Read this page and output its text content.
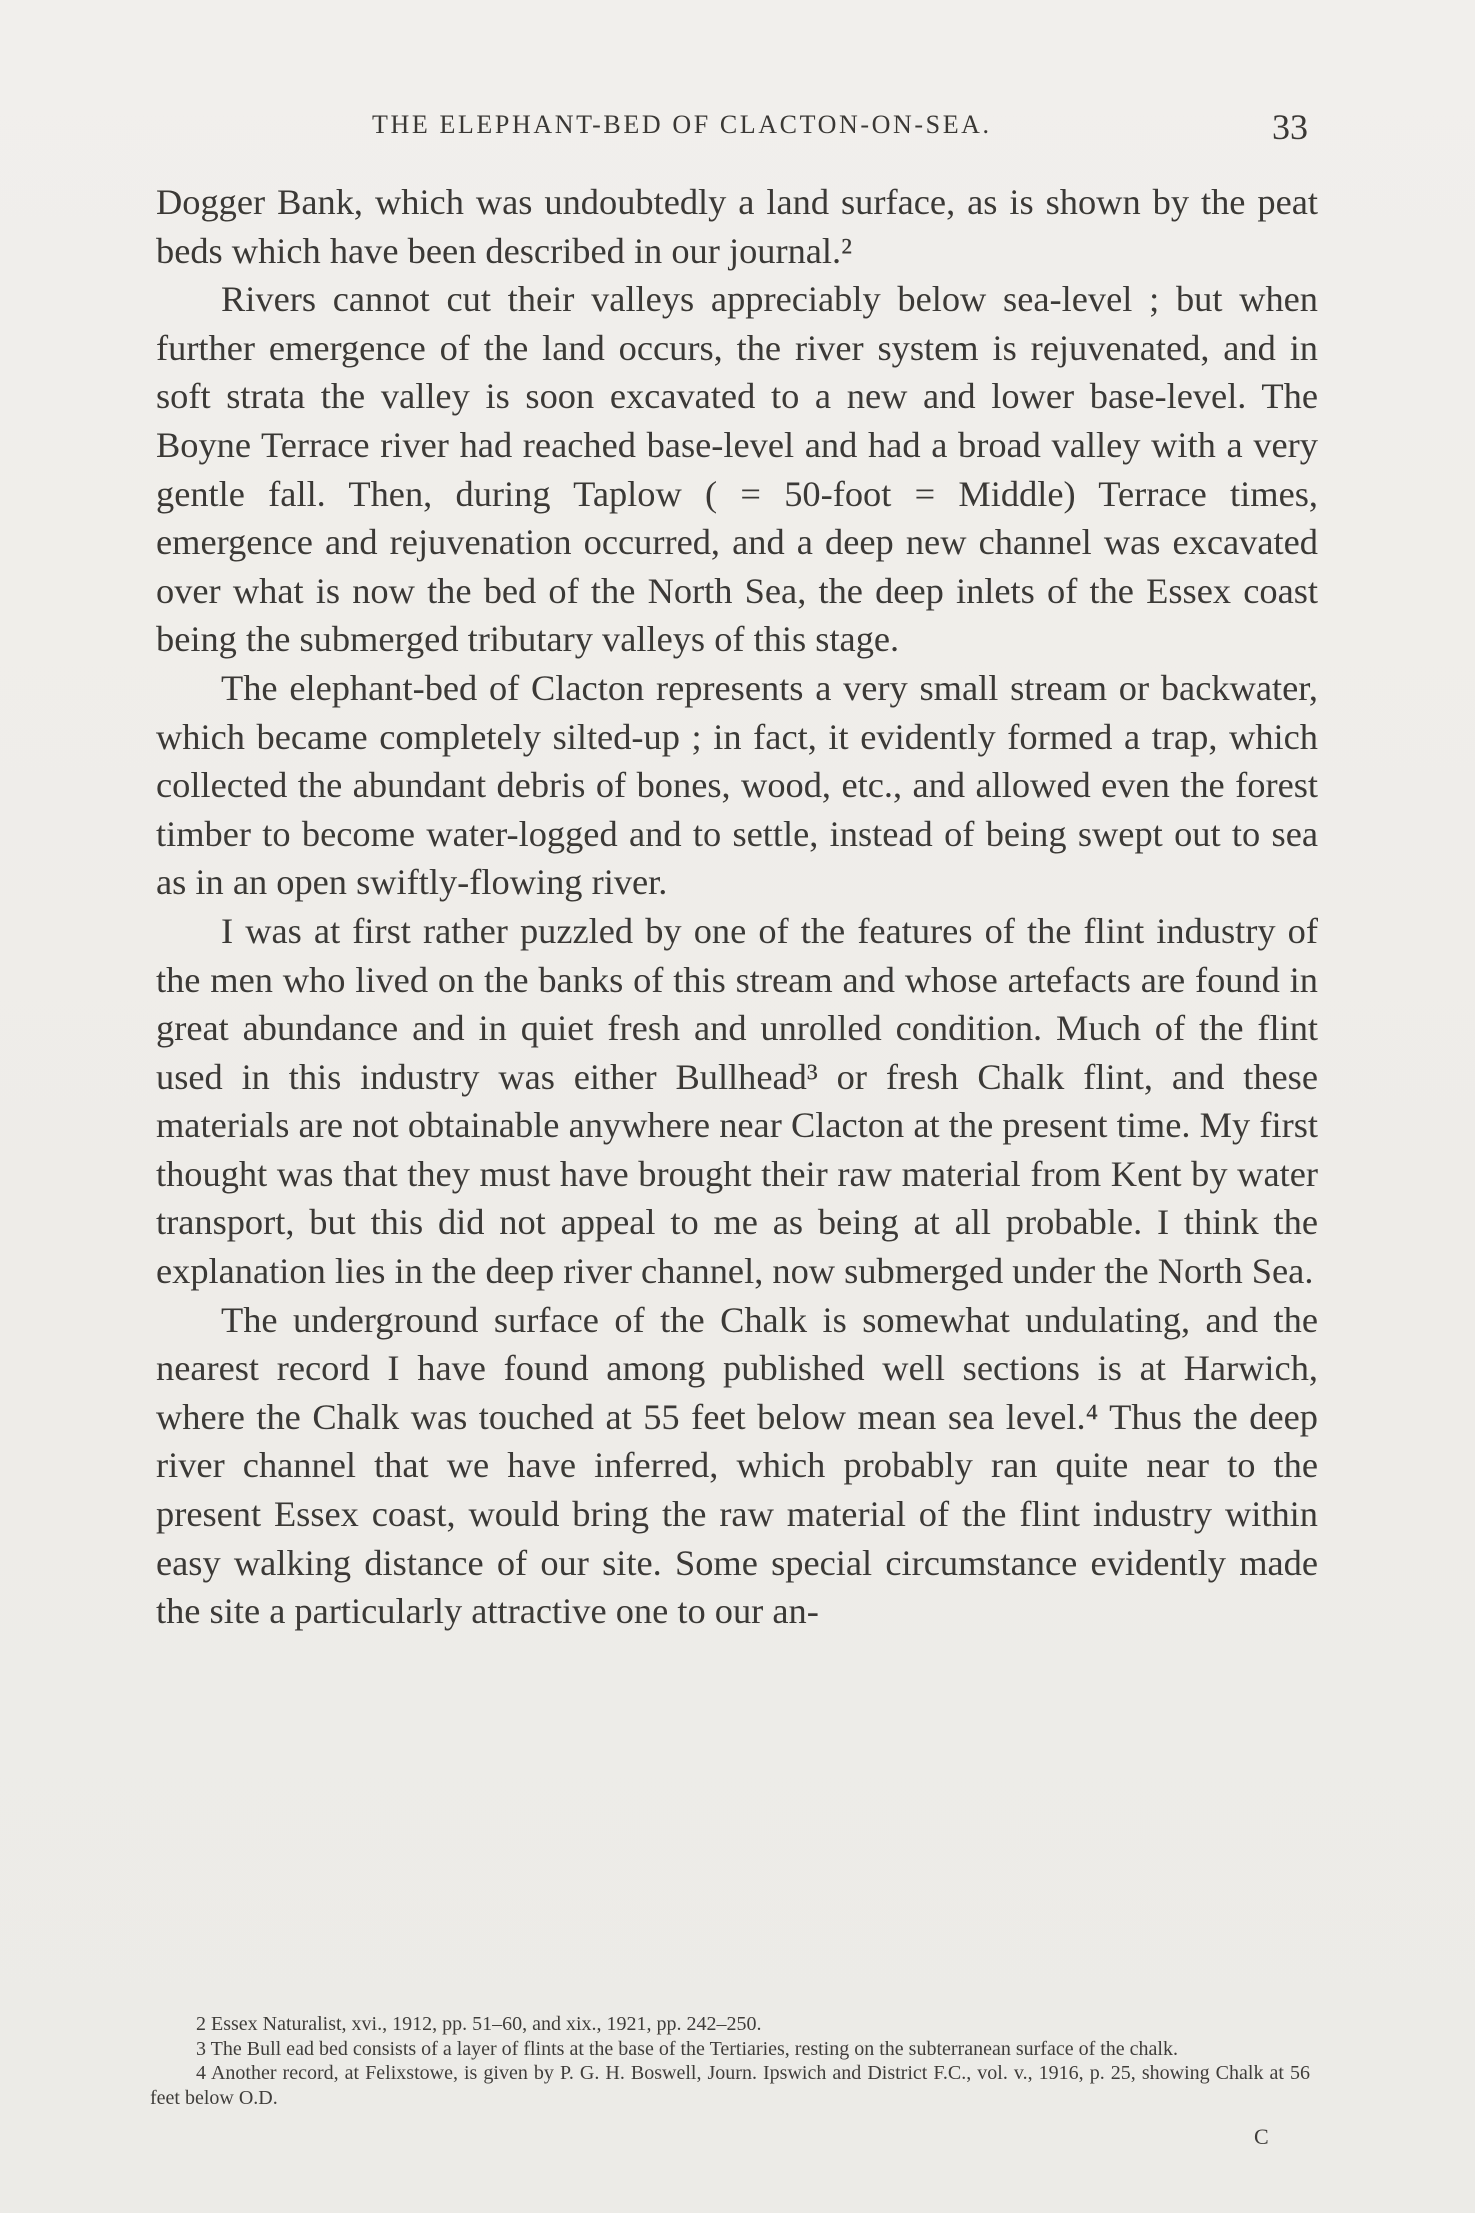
THE ELEPHANT-BED OF CLACTON-ON-SEA.	33

Dogger Bank, which was undoubtedly a land surface, as is shown by the peat beds which have been described in our journal.²

Rivers cannot cut their valleys appreciably below sea-level ; but when further emergence of the land occurs, the river system is rejuvenated, and in soft strata the valley is soon excavated to a new and lower base-level. The Boyne Terrace river had reached base-level and had a broad valley with a very gentle fall. Then, during Taplow ( = 50-foot = Middle) Terrace times, emergence and rejuvenation occurred, and a deep new channel was excavated over what is now the bed of the North Sea, the deep inlets of the Essex coast being the submerged tributary valleys of this stage.

The elephant-bed of Clacton represents a very small stream or backwater, which became completely silted-up ; in fact, it evidently formed a trap, which collected the abundant debris of bones, wood, etc., and allowed even the forest timber to become water-logged and to settle, instead of being swept out to sea as in an open swiftly-flowing river.

I was at first rather puzzled by one of the features of the flint industry of the men who lived on the banks of this stream and whose artefacts are found in great abundance and in quiet fresh and unrolled condition. Much of the flint used in this industry was either Bullhead³ or fresh Chalk flint, and these materials are not obtainable anywhere near Clacton at the present time. My first thought was that they must have brought their raw material from Kent by water transport, but this did not appeal to me as being at all probable. I think the explanation lies in the deep river channel, now submerged under the North Sea.

The underground surface of the Chalk is somewhat undulating, and the nearest record I have found among published well sections is at Harwich, where the Chalk was touched at 55 feet below mean sea level.⁴ Thus the deep river channel that we have inferred, which probably ran quite near to the present Essex coast, would bring the raw material of the flint industry within easy walking distance of our site. Some special circumstance evidently made the site a particularly attractive one to our an-

2 Essex Naturalist, xvi., 1912, pp. 51–60, and xix., 1921, pp. 242–250.

3 The Bull ead bed consists of a layer of flints at the base of the Tertiaries, resting on the subterranean surface of the chalk.

4 Another record, at Felixstowe, is given by P. G. H. Boswell, Journ. Ipswich and District F.C., vol. v., 1916, p. 25, showing Chalk at 56 feet below O.D.

C
